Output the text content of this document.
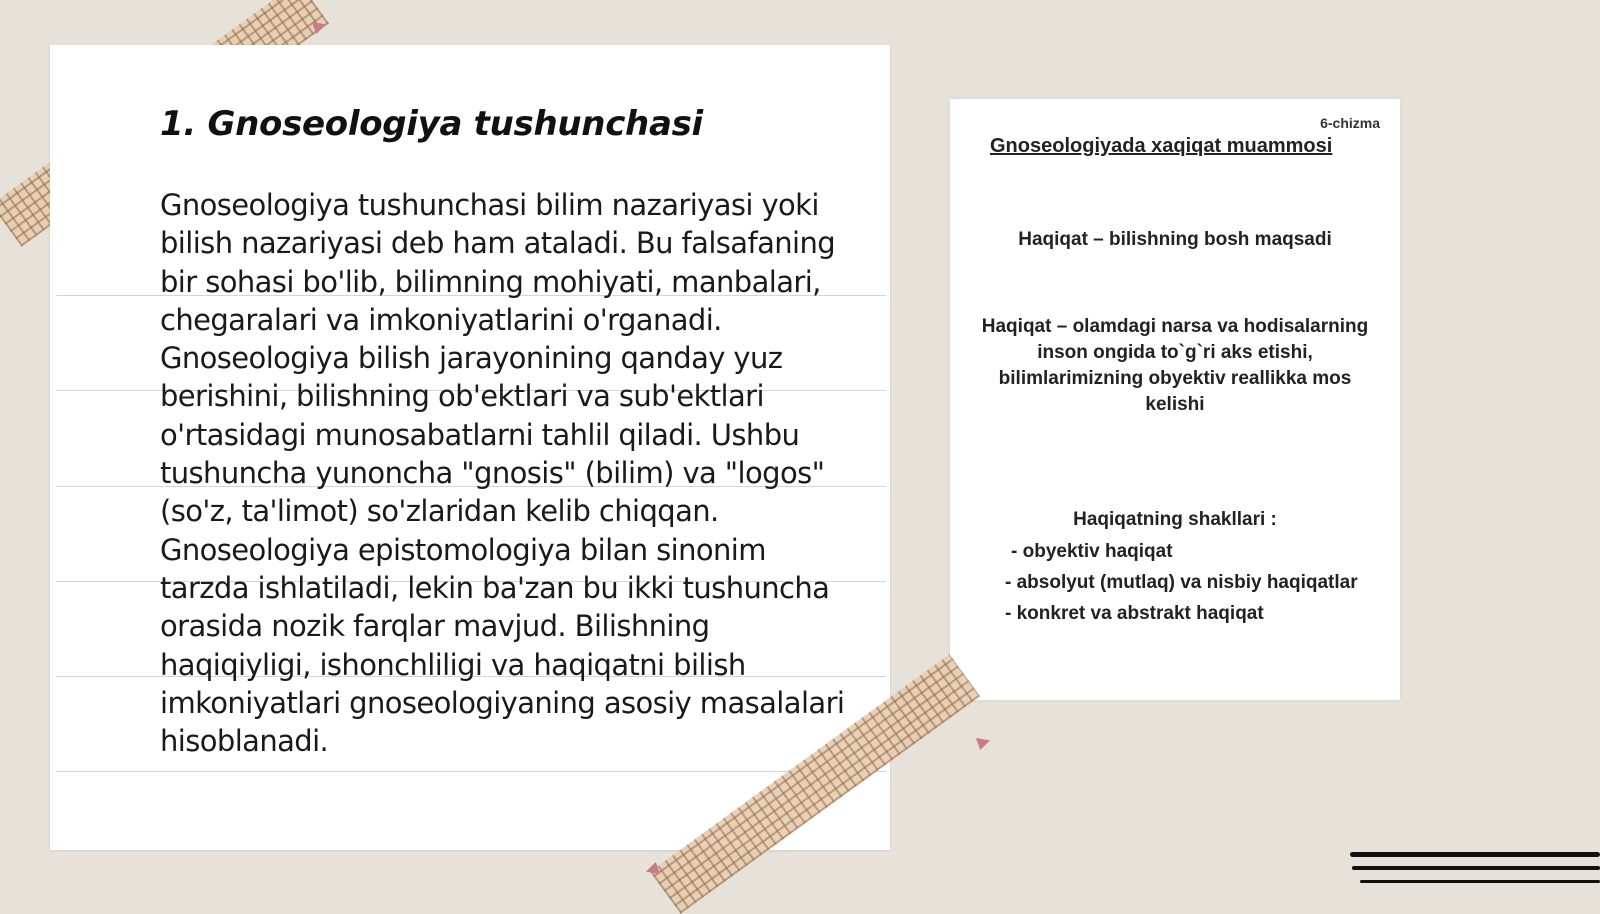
1. Gnoseologiya tushunchasi

Gnoseologiya tushunchasi bilim nazariyasi yoki bilish nazariyasi deb ham ataladi. Bu falsafaning bir sohasi bo'lib, bilimning mohiyati, manbalari, chegaralari va imkoniyatlarini o'rganadi. Gnoseologiya bilish jarayonining qanday yuz berishini, bilishning ob'ektlari va sub'ektlari o'rtasidagi munosabatlarni tahlil qiladi. Ushbu tushuncha yunoncha "gnosis" (bilim) va "logos" (so'z, ta'limot) so'zlaridan kelib chiqqan. Gnoseologiya epistomologiya bilan sinonim tarzda ishlatiladi, lekin ba'zan bu ikki tushuncha orasida nozik farqlar mavjud. Bilishning haqiqiyligi, ishonchliligi va haqiqatni bilish imkoniyatlari gnoseologiyaning asosiy masalalari hisoblanadi.

6-chizma
Gnoseologiyada xaqiqat muammosi
Haqiqat – bilishning bosh maqsadi
Haqiqat – olamdagi narsa va hodisalarning inson ongida to`g`ri aks etishi, bilimlarimizning obyektiv reallikka mos kelishi
Haqiqatning shakllari :
- obyektiv haqiqat
- absolyut (mutlaq) va nisbiy haqiqatlar
- konkret va abstrakt haqiqat
